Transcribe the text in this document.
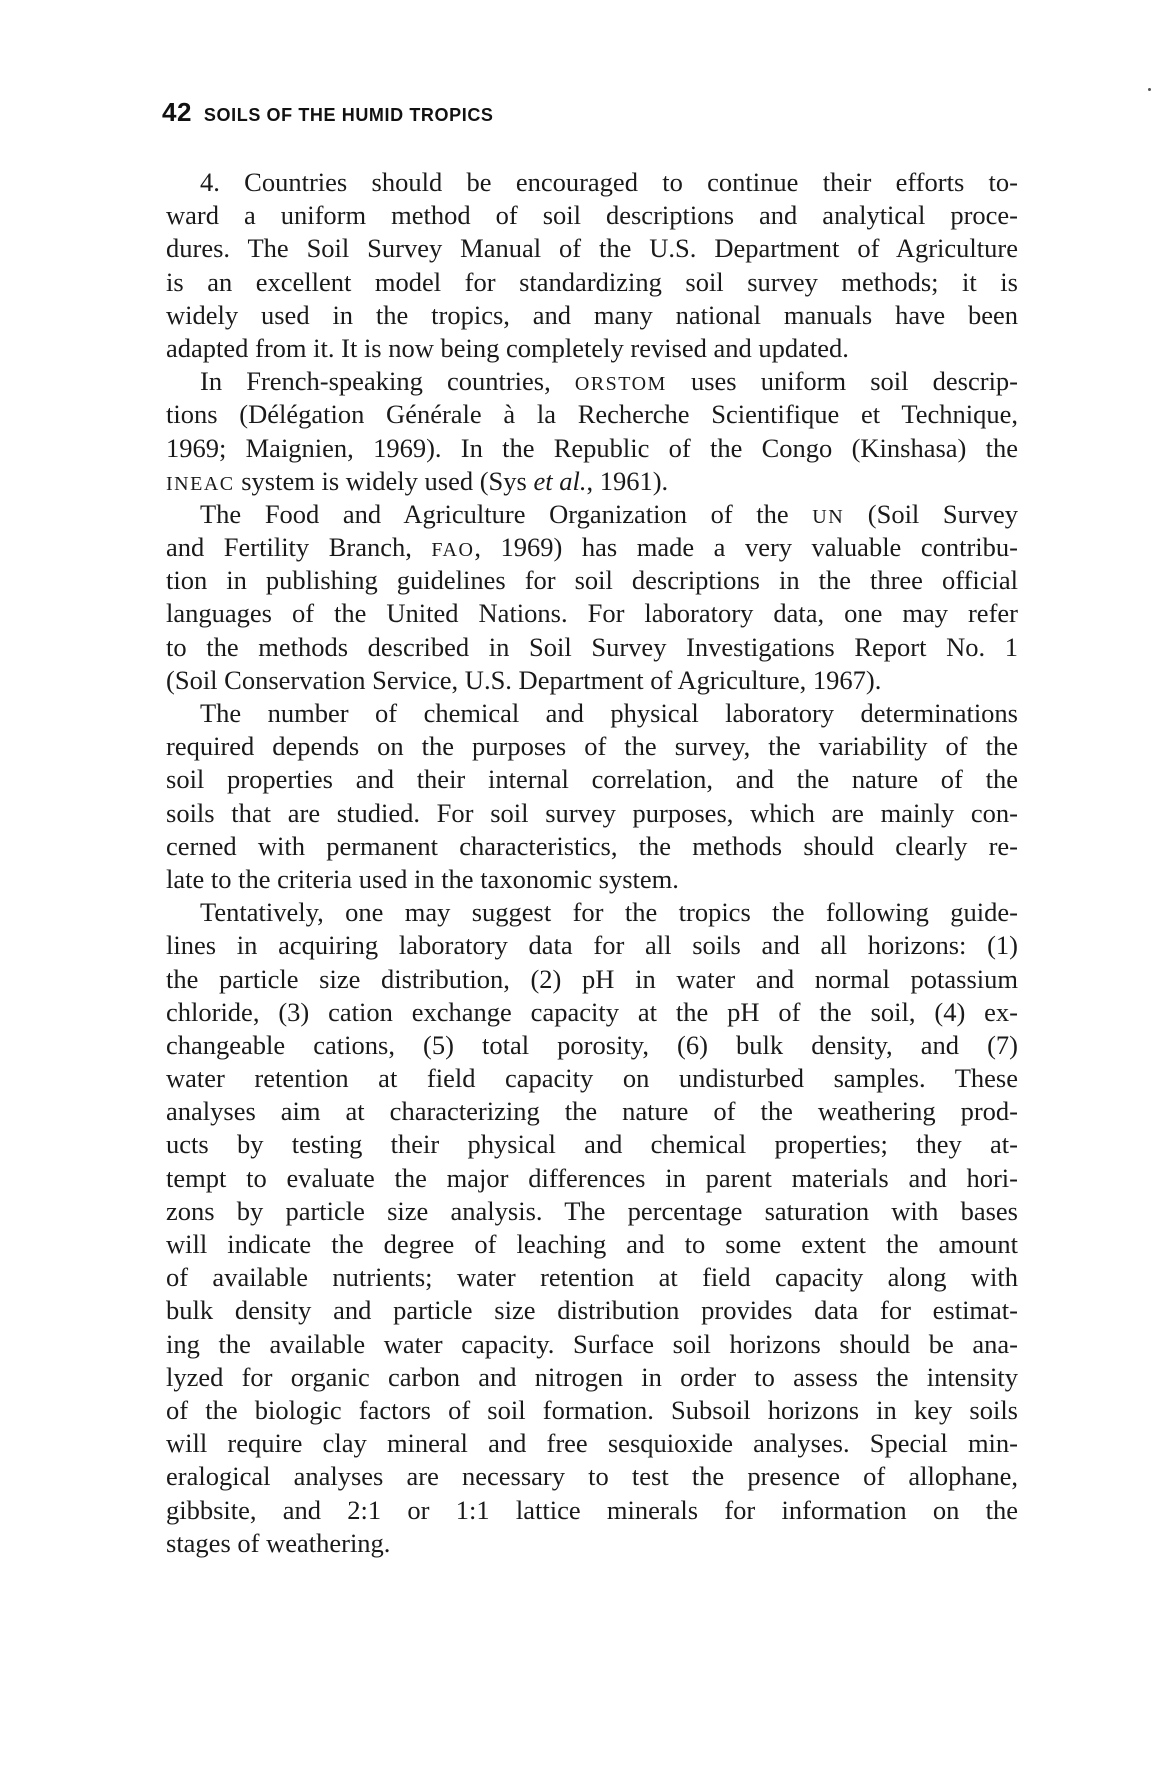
42 SOILS OF THE HUMID TROPICS
4. Countries should be encouraged to continue their efforts to-
ward a uniform method of soil descriptions and analytical proce-
dures. The Soil Survey Manual of the U.S. Department of Agriculture
is an excellent model for standardizing soil survey methods; it is
widely used in the tropics, and many national manuals have been
adapted from it. It is now being completely revised and updated.
In French-speaking countries, ORSTOM uses uniform soil descrip-
tions (Délégation Générale à la Recherche Scientifique et Technique,
1969; Maignien, 1969). In the Republic of the Congo (Kinshasa) the
INEAC system is widely used (Sys et al., 1961).
The Food and Agriculture Organization of the UN (Soil Survey
and Fertility Branch, FAO, 1969) has made a very valuable contribu-
tion in publishing guidelines for soil descriptions in the three official
languages of the United Nations. For laboratory data, one may refer
to the methods described in Soil Survey Investigations Report No. 1
(Soil Conservation Service, U.S. Department of Agriculture, 1967).
The number of chemical and physical laboratory determinations
required depends on the purposes of the survey, the variability of the
soil properties and their internal correlation, and the nature of the
soils that are studied. For soil survey purposes, which are mainly con-
cerned with permanent characteristics, the methods should clearly re-
late to the criteria used in the taxonomic system.
Tentatively, one may suggest for the tropics the following guide-
lines in acquiring laboratory data for all soils and all horizons: (1)
the particle size distribution, (2) pH in water and normal potassium
chloride, (3) cation exchange capacity at the pH of the soil, (4) ex-
changeable cations, (5) total porosity, (6) bulk density, and (7)
water retention at field capacity on undisturbed samples. These
analyses aim at characterizing the nature of the weathering prod-
ucts by testing their physical and chemical properties; they at-
tempt to evaluate the major differences in parent materials and hori-
zons by particle size analysis. The percentage saturation with bases
will indicate the degree of leaching and to some extent the amount
of available nutrients; water retention at field capacity along with
bulk density and particle size distribution provides data for estimat-
ing the available water capacity. Surface soil horizons should be ana-
lyzed for organic carbon and nitrogen in order to assess the intensity
of the biologic factors of soil formation. Subsoil horizons in key soils
will require clay mineral and free sesquioxide analyses. Special min-
eralogical analyses are necessary to test the presence of allophane,
gibbsite, and 2:1 or 1:1 lattice minerals for information on the
stages of weathering.
